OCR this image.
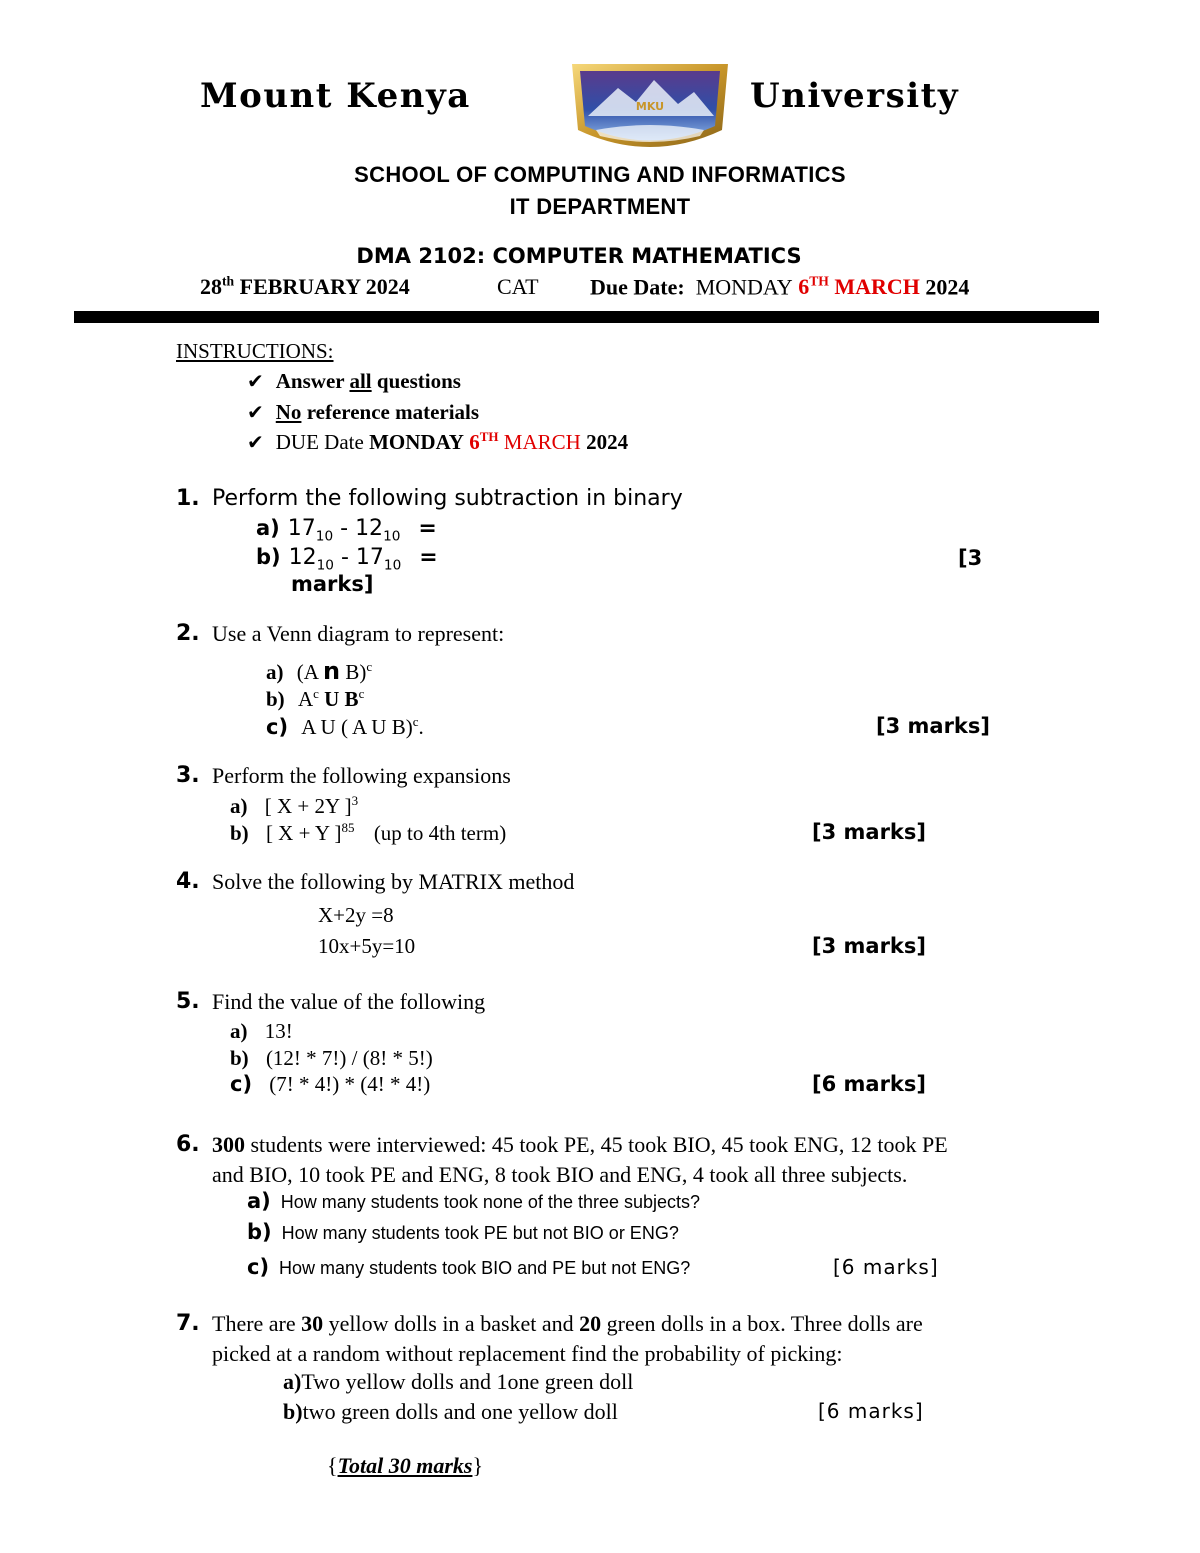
Mount Kenya	MKU	University
SCHOOL OF COMPUTING AND INFORMATICS
IT DEPARTMENT
DMA 2102: COMPUTER MATHEMATICS
28th FEBRUARY 2024	CAT Due Date: MONDAY 6TH MARCH 2024
INSTRUCTIONS:
✔ Answer all questions
✔ No reference materials
✔ DUE Date MONDAY 6TH MARCH 2024
1. Perform the following subtraction in binary
a) $17_{10} - 12_{10}$ =
b) $12_{10} - 17_{10}$ =	[3
marks]
2. Use a Venn diagram to represent:
a) (A n B)$^c$
b) $A^c$ U $B^c$
c) A U ( A U B)$^c$.	[3 marks]
3. Perform the following expansions
a) [ X + 2Y ]$^3$
b) [ X + Y ]$^{85}$ (up to 4th term)	[3 marks]
4. Solve the following by MATRIX method
X+2y =8
10x+5y=10	[3 marks]
5. Find the value of the following
a) 13!
b) (12! * 7!) / (8! * 5!)
c) (7! * 4!) * (4! * 4!)	[6 marks]
6. 300 students were interviewed: 45 took PE, 45 took BIO, 45 took ENG, 12 took PE
and BIO, 10 took PE and ENG, 8 took BIO and ENG, 4 took all three subjects.
a) How many students took none of the three subjects?
b) How many students took PE but not BIO or ENG?
c) How many students took BIO and PE but not ENG?	[6 marks]
7. There are 30 yellow dolls in a basket and 20 green dolls in a box. Three dolls are
picked at a random without replacement find the probability of picking:
a)Two yellow dolls and 1one green doll
b)two green dolls and one yellow doll	[6 marks]
{Total 30 marks}
